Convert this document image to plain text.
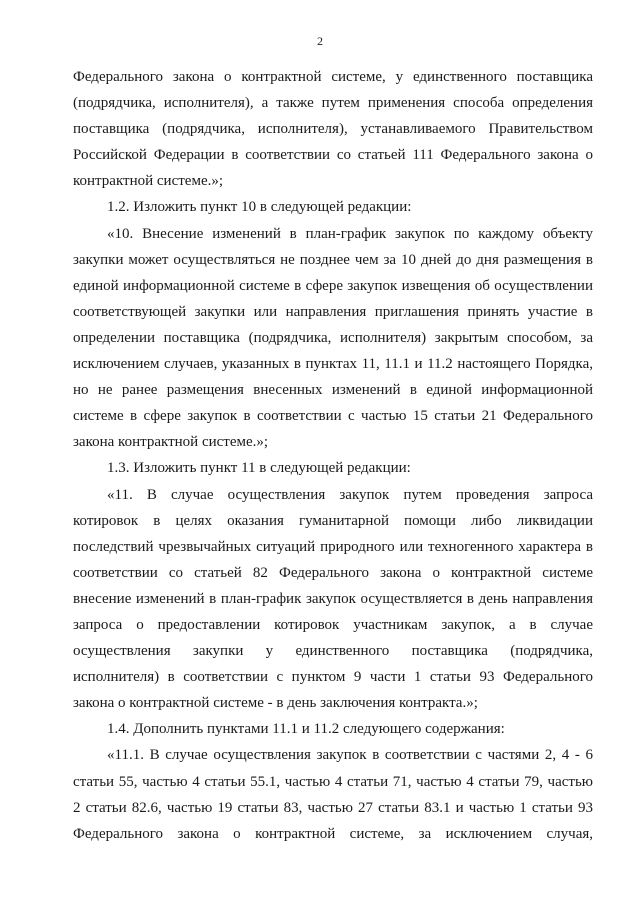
2

Федерального закона о контрактной системе, у единственного поставщика
(подрядчика, исполнителя), а также путем применения способа определения
поставщика (подрядчика, исполнителя), устанавливаемого Правительством
Российской Федерации в соответствии со статьей 111 Федерального закона о
контрактной системе.»;

1.2. Изложить пункт 10 в следующей редакции:

«10. Внесение изменений в план-график закупок по каждому объекту
закупки может осуществляться не позднее чем за 10 дней до дня размещения в
единой информационной системе в сфере закупок извещения об осуществлении
соответствующей закупки или направления приглашения принять участие в
определении поставщика (подрядчика, исполнителя) закрытым способом, за
исключением случаев, указанных в пунктах 11, 11.1 и 11.2 настоящего Порядка,
но не ранее размещения внесенных изменений в единой информационной
системе в сфере закупок в соответствии с частью 15 статьи 21 Федерального
закона контрактной системе.»;

1.3. Изложить пункт 11 в следующей редакции:

«11. В случае осуществления закупок путем проведения запроса
котировок в целях оказания гуманитарной помощи либо ликвидации
последствий чрезвычайных ситуаций природного или техногенного характера в
соответствии со статьей 82 Федерального закона о контрактной системе
внесение изменений в план-график закупок осуществляется в день направления
запроса о предоставлении котировок участникам закупок, а в случае
осуществления закупки у единственного поставщика (подрядчика,
исполнителя) в соответствии с пунктом 9 части 1 статьи 93 Федерального
закона о контрактной системе - в день заключения контракта.»;

1.4. Дополнить пунктами 11.1 и 11.2 следующего содержания:

«11.1. В случае осуществления закупок в соответствии с частями 2, 4 - 6
статьи 55, частью 4 статьи 55.1, частью 4 статьи 71, частью 4 статьи 79, частью
2 статьи 82.6, частью 19 статьи 83, частью 27 статьи 83.1 и частью 1 статьи 93
Федерального закона о контрактной системе, за исключением случая,
